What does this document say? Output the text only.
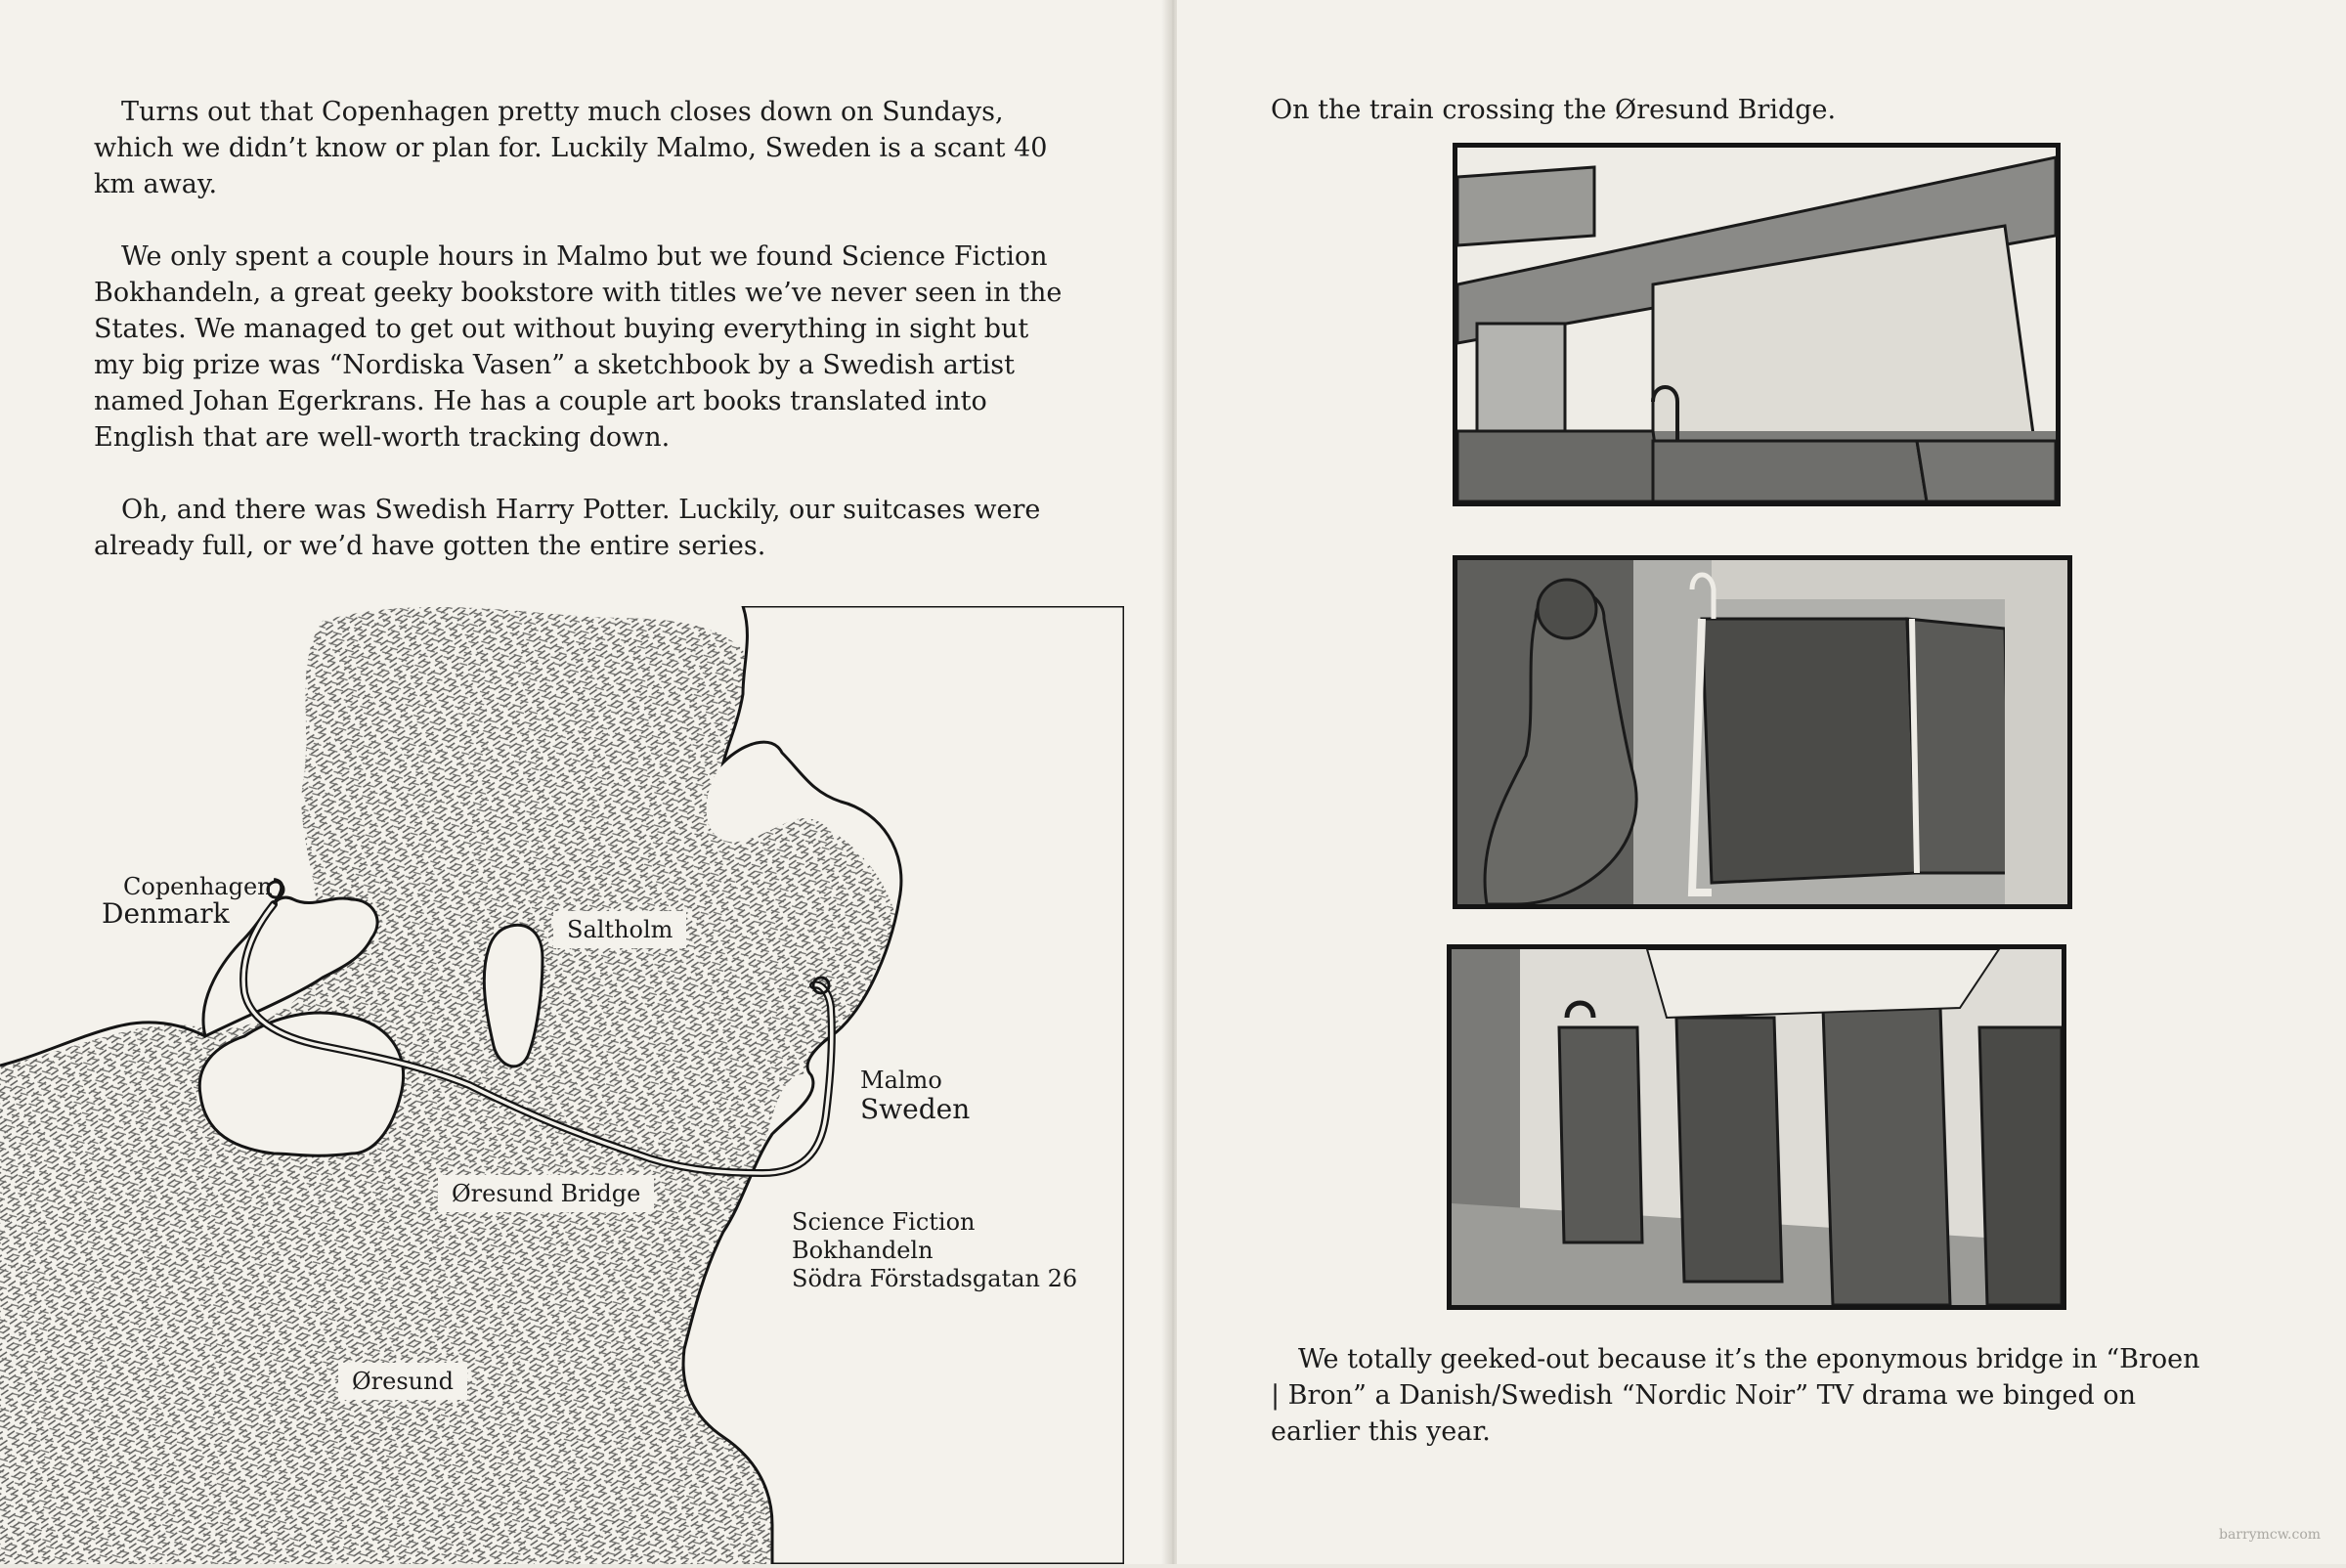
Turns out that Copenhagen pretty much closes down on Sundays, which we didn’t know or plan for. Luckily Malmo, Sweden is a scant 40 km away.

We only spent a couple hours in Malmo but we found Science Fiction Bokhandeln, a great geeky bookstore with titles we’ve never seen in the States. We managed to get out without buying everything in sight but my big prize was “Nordiska Vasen” a sketchbook by a Swedish artist named Johan Egerkrans. He has a couple art books translated into English that are well-worth tracking down.

Oh, and there was Swedish Harry Potter. Luckily, our suitcases were already full, or we’d have gotten the entire series.

Copenhagen
Denmark	Saltholm
Malmo
Sweden
Øresund Bridge
Science Fiction
Bokhandeln
Södra Förstadsgatan 26
Øresund
On the train crossing the Øresund Bridge.

We totally geeked-out because it’s the eponymous bridge in “Broen | Bron” a Danish/Swedish “Nordic Noir” TV drama we binged on earlier this year.

barrymcw.com
